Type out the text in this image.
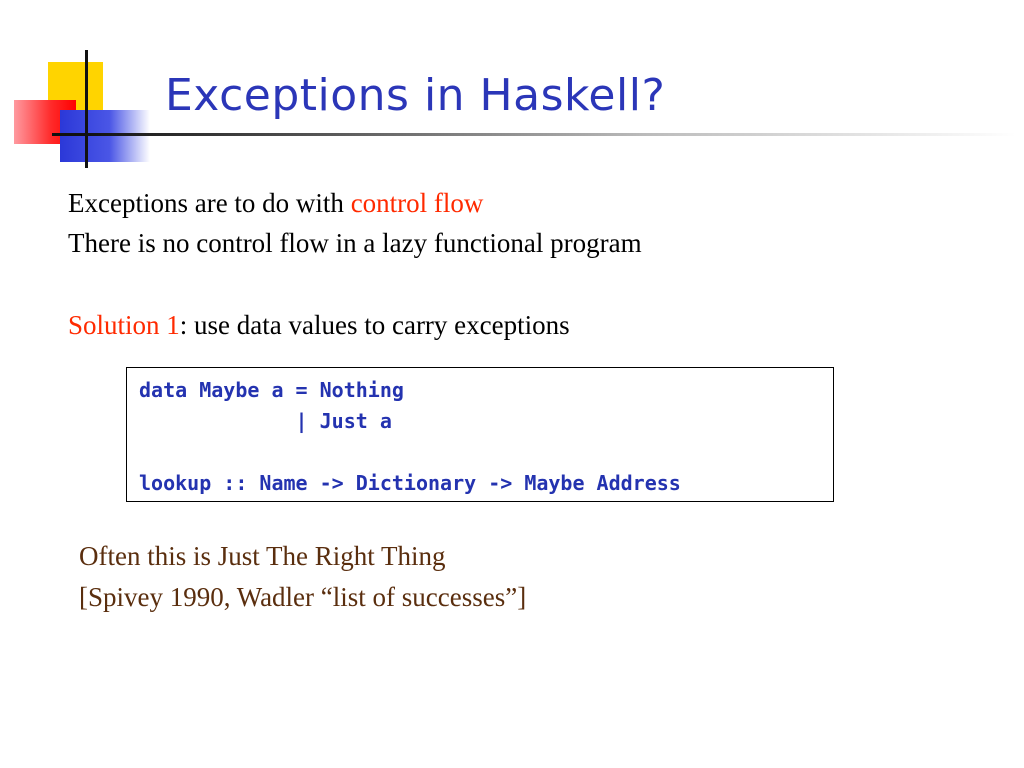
Exceptions in Haskell?
Exceptions are to do with control flow
There is no control flow in a lazy functional program
Solution 1: use data values to carry exceptions
data Maybe a = Nothing
| Just a
lookup :: Name -> Dictionary -> Maybe Address
Often this is Just The Right Thing
[Spivey 1990, Wadler “list of successes”]
